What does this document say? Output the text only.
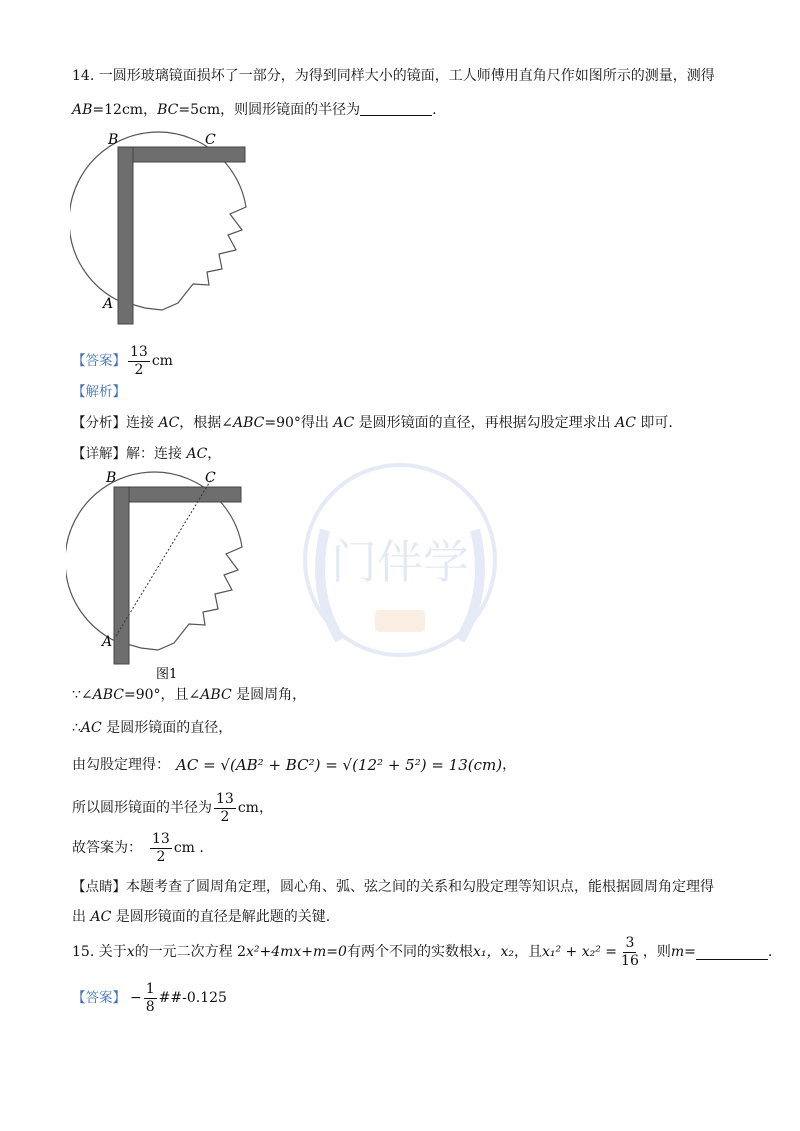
14. 一圆形玻璃镜面损坏了一部分，为得到同样大小的镜面，工人师傅用直角尺作如图所示的测量，测得
AB=12cm，BC=5cm，则圆形镜面的半径为	.
B	C
A
【答案】 $\frac{13}{2}$ cm
【解析】
【分析】连接 AC，根据∠ABC=90°得出 AC 是圆形镜面的直径，再根据勾股定理求出 AC 即可.
【详解】解：连接 AC，
门伴学
B	C
A
图1
∵∠ABC=90°，且∠ABC 是圆周角，
∴AC 是圆形镜面的直径，
由勾股定理得： AC = √(AB² + BC²) = √(12² + 5²) = 13(cm) ，
所以圆形镜面的半径为 $\frac{13}{2}$ cm，
故答案为： $\frac{13}{2}$ cm .
【点睛】本题考查了圆周角定理，圆心角、弧、弦之间的关系和勾股定理等知识点，能根据圆周角定理得
出 AC 是圆形镜面的直径是解此题的关键.
15. 关于 x 的一元二次方程 2 x²+4mx+m=0 有两个不同的实数根 x₁，x₂ ，且 $x_1^2 + x_2^2 = \frac{3}{16}$ ，则 m =	.
【答案】 − $\frac{1}{8}$ ##-0.125
